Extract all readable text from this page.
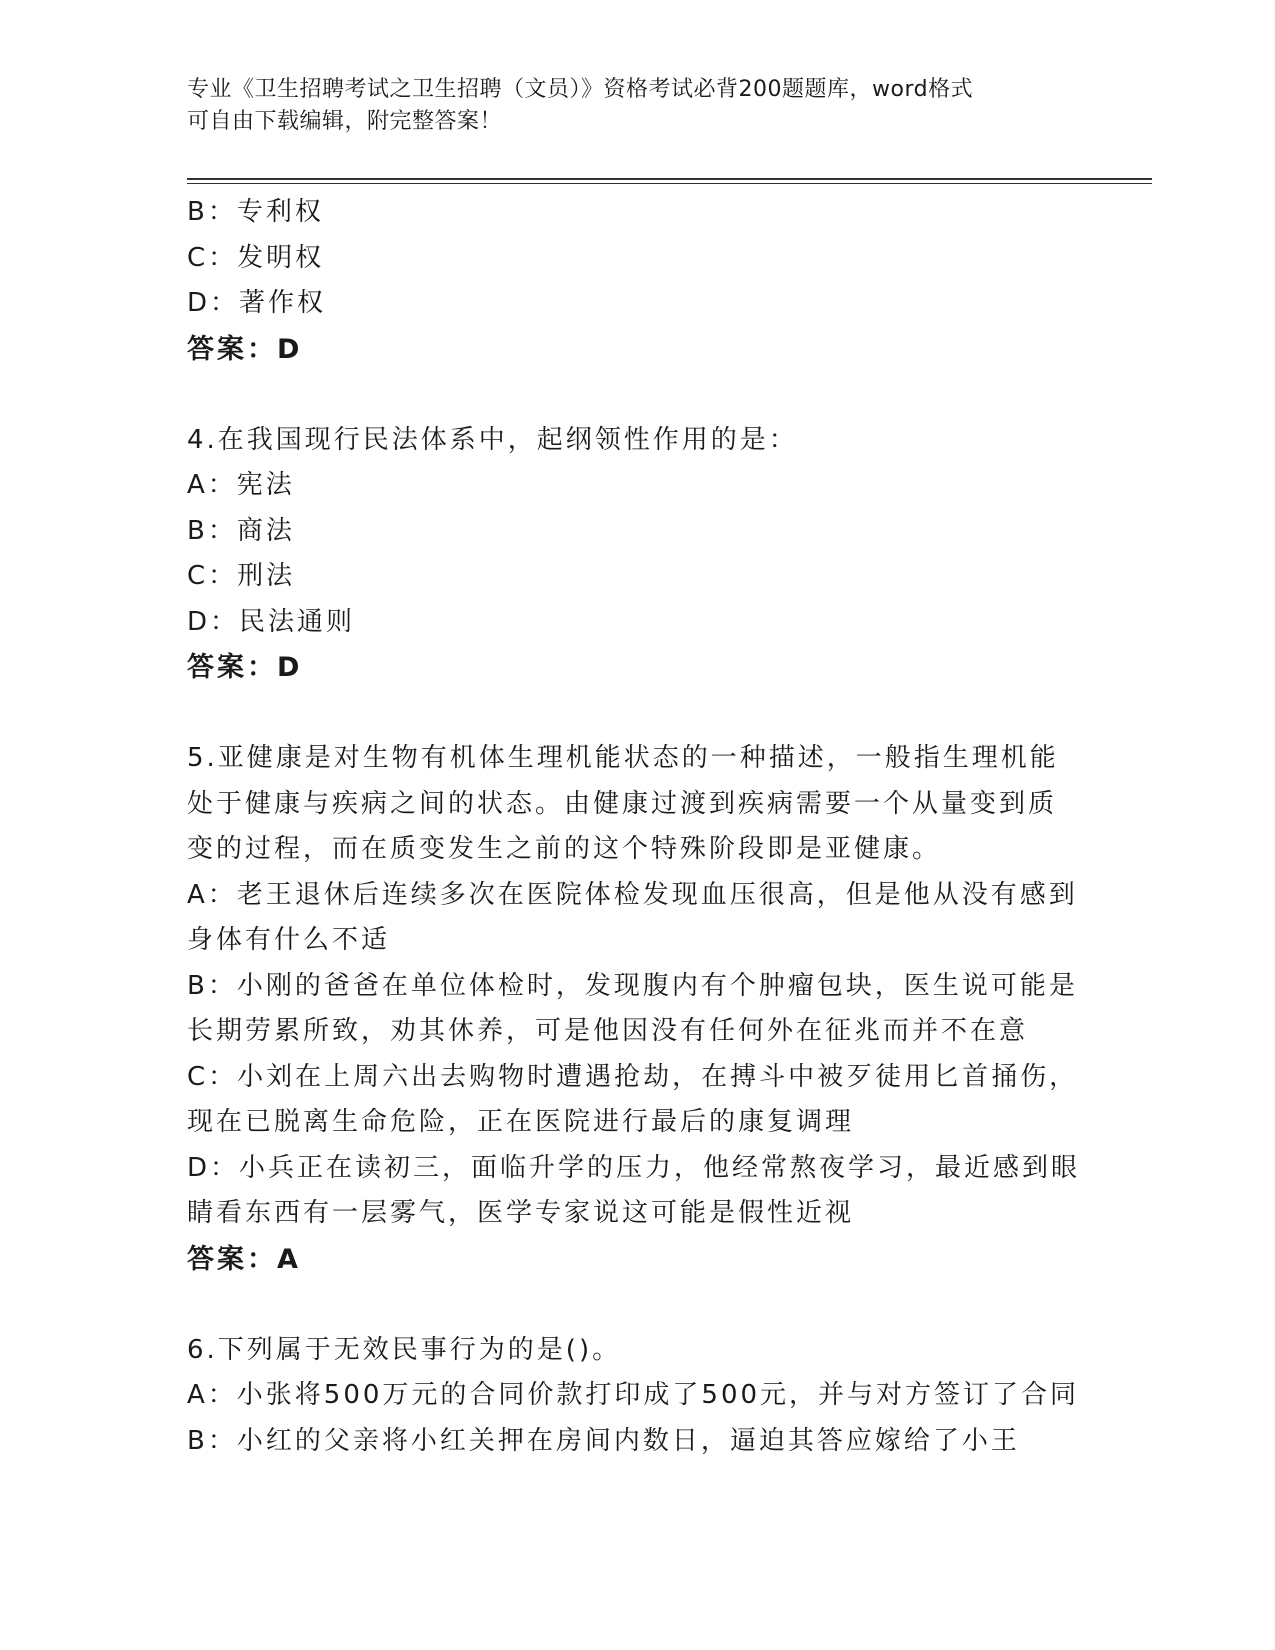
专业《卫生招聘考试之卫生招聘（文员）》资格考试必背200题题库，word格式
可自由下载编辑，附完整答案！
B：专利权
C：发明权
D：著作权
答案：D
4.在我国现行民法体系中，起纲领性作用的是：
A：宪法
B：商法
C：刑法
D：民法通则
答案：D
5.亚健康是对生物有机体生理机能状态的一种描述，一般指生理机能
处于健康与疾病之间的状态。由健康过渡到疾病需要一个从量变到质
变的过程，而在质变发生之前的这个特殊阶段即是亚健康。
A：老王退休后连续多次在医院体检发现血压很高，但是他从没有感到
身体有什么不适
B：小刚的爸爸在单位体检时，发现腹内有个肿瘤包块，医生说可能是
长期劳累所致，劝其休养，可是他因没有任何外在征兆而并不在意
C：小刘在上周六出去购物时遭遇抢劫，在搏斗中被歹徒用匕首捅伤，
现在已脱离生命危险，正在医院进行最后的康复调理
D：小兵正在读初三，面临升学的压力，他经常熬夜学习，最近感到眼
睛看东西有一层雾气，医学专家说这可能是假性近视
答案：A
6.下列属于无效民事行为的是()。
A：小张将500万元的合同价款打印成了500元，并与对方签订了合同
B：小红的父亲将小红关押在房间内数日，逼迫其答应嫁给了小王
